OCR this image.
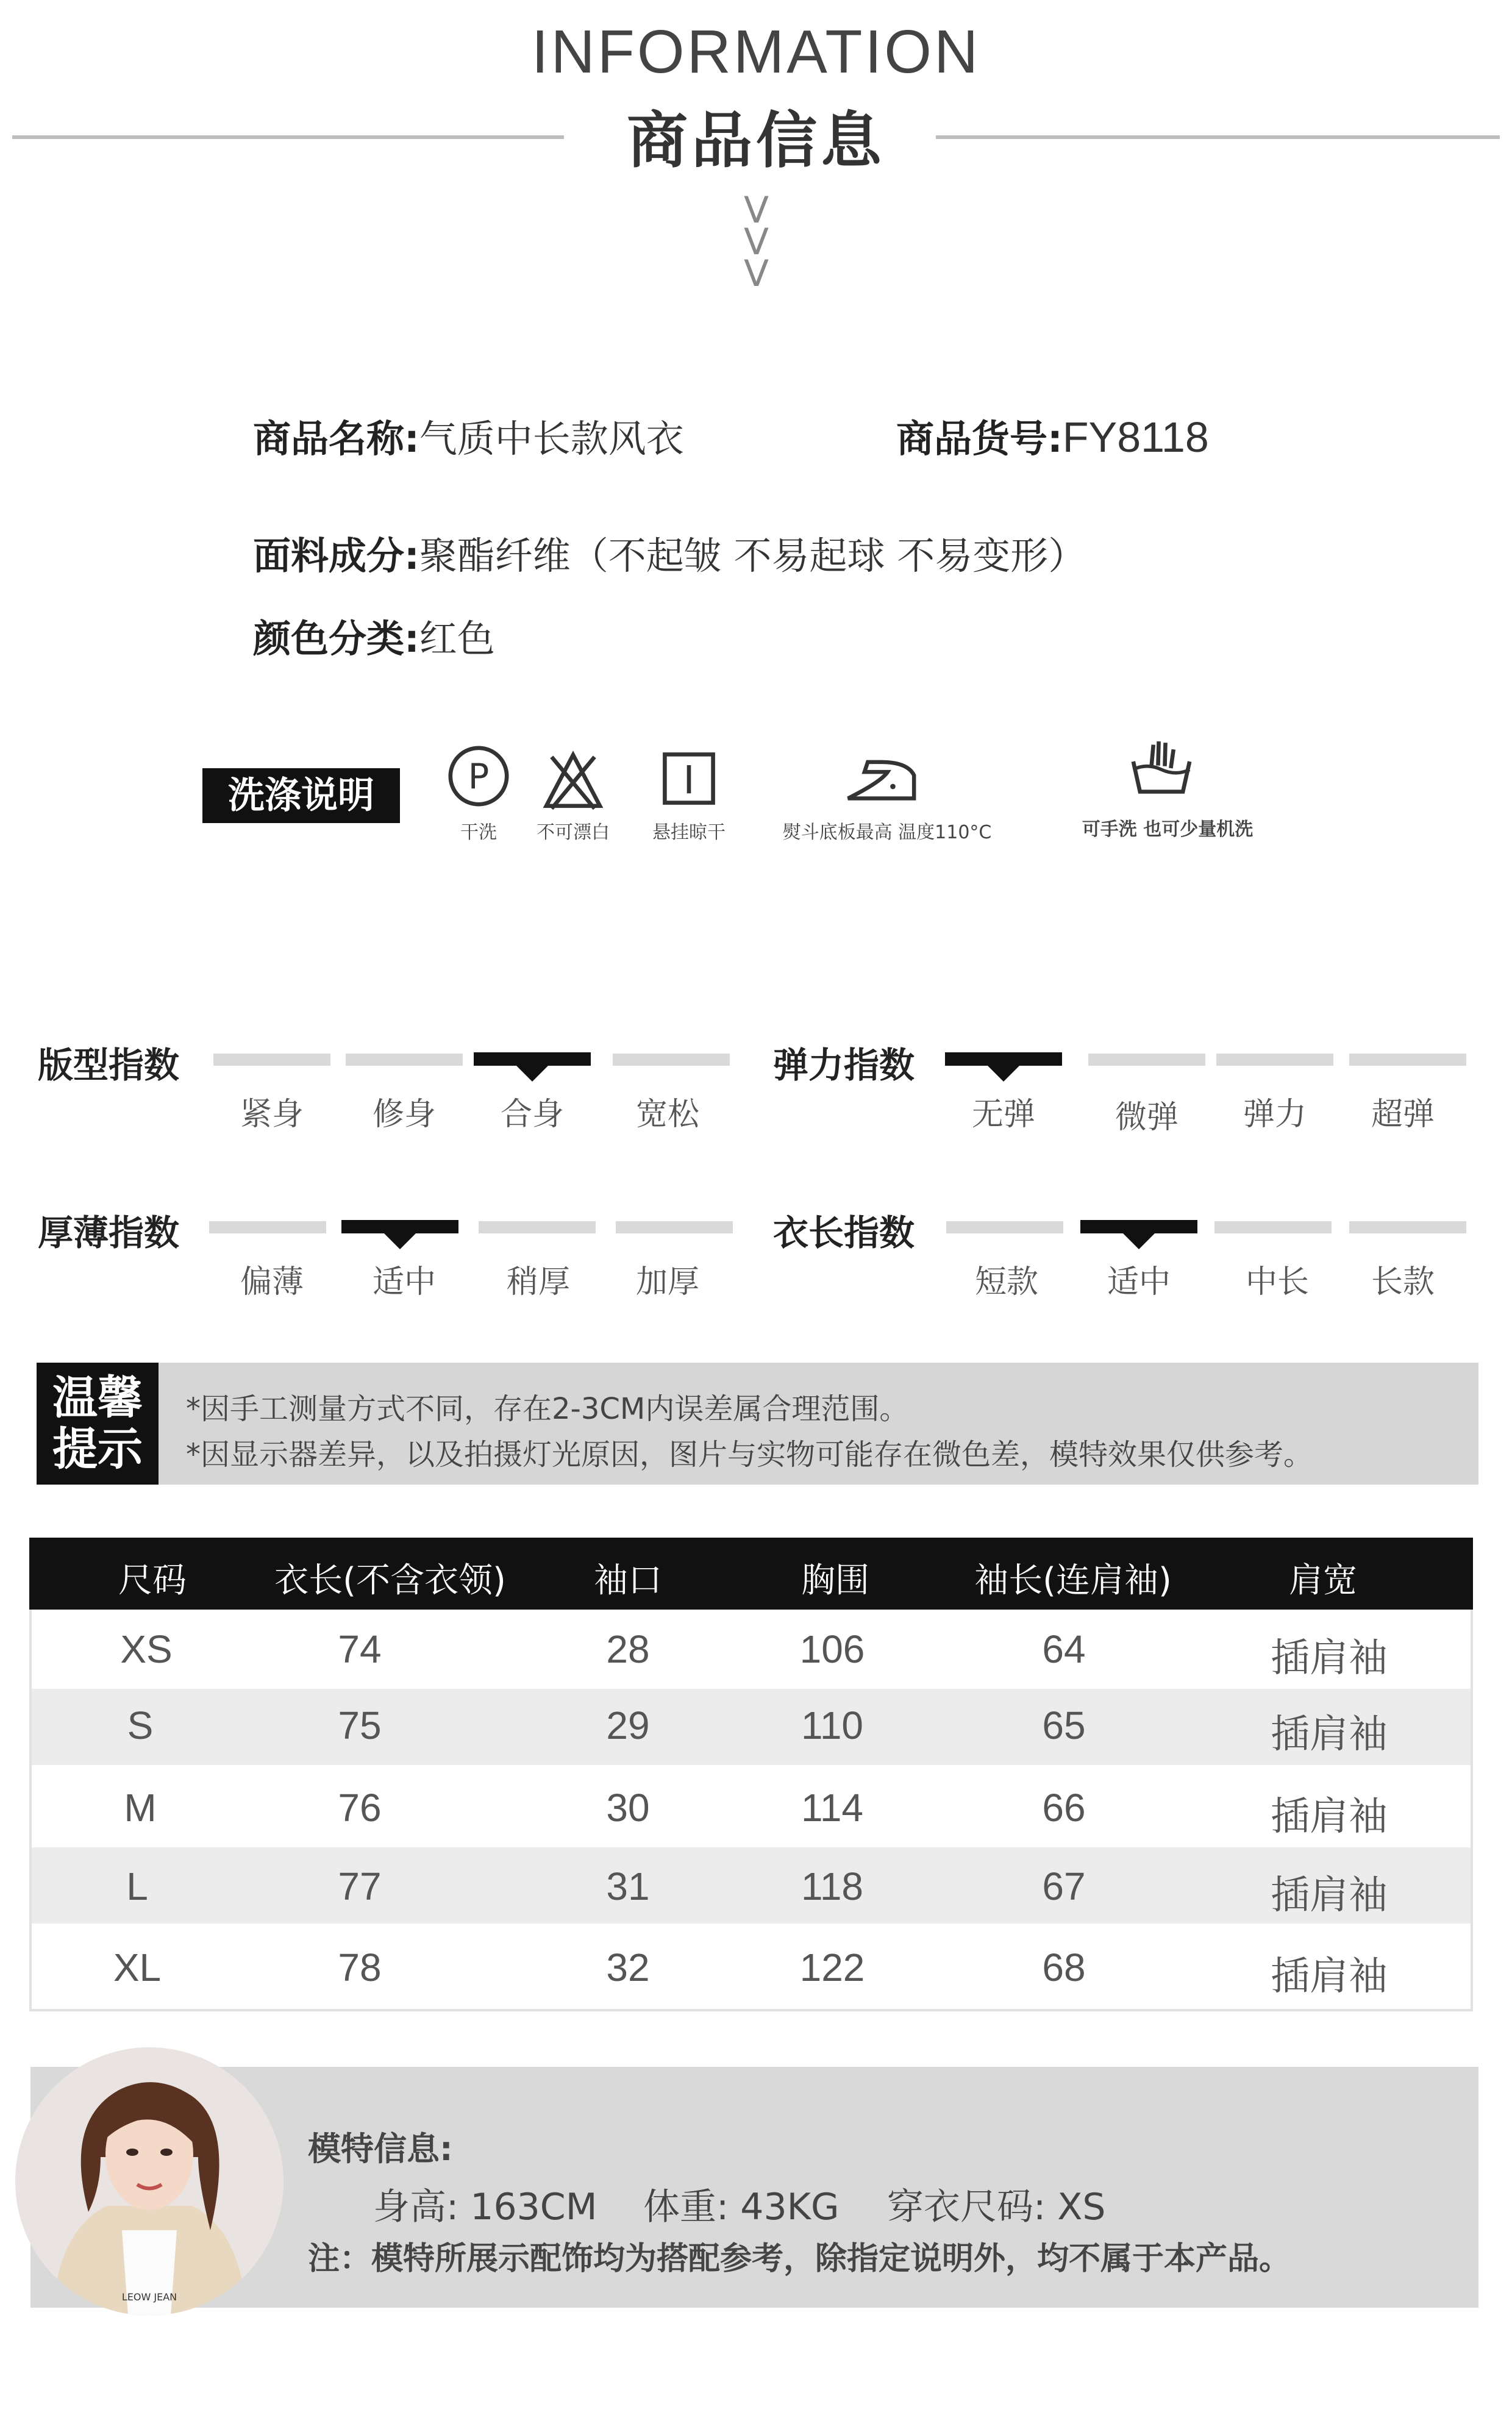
INFORMATION
商品信息
V
V
V
商品名称:气质中长款风衣	商品货号:FY8118
面料成分:聚酯纤维（不起皱 不易起球 不易变形）
颜色分类:红色
洗涤说明	P
干洗	不可漂白	悬挂晾干	熨斗底板最高 温度110°C	可手洗 也可少量机洗
版型指数
紧身	修身	合身	宽松
弹力指数
无弹	微弹	弹力	超弹
厚薄指数
偏薄	适中	稍厚	加厚
衣长指数
短款	适中	中长	长款
温馨
提示
*因手工测量方式不同，存在2-3CM内误差属合理范围。
*因显示器差异，以及拍摄灯光原因，图片与实物可能存在微色差，模特效果仅供参考。
尺码	衣长(不含衣领)	袖口	胸围	袖长(连肩袖)	肩宽
XS	74	28	106	64	插肩袖
S	75	29	110	65	插肩袖
M	76	30	114	66	插肩袖
L	77	31	118	67	插肩袖
XL	78	32	122	68	插肩袖
LEOW JEAN
模特信息:
身高: 163CM 体重: 43KG 穿衣尺码: XS
注：模特所展示配饰均为搭配参考，除指定说明外，均不属于本产品。
